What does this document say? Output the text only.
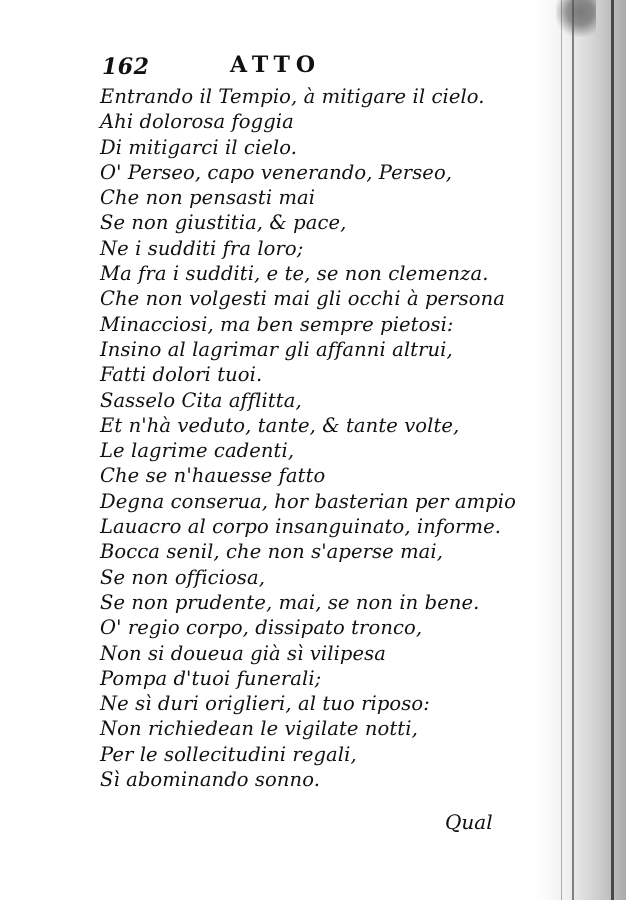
162	ATTO
Entrando il Tempio, à mitigare il cielo.
Ahi dolorosa foggia
Di mitigarci il cielo.
O' Perseo, capo venerando, Perseo,
Che non pensasti mai
Se non giustitia, & pace,
Ne i sudditi fra loro;
Ma fra i sudditi, e te, se non clemenza.
Che non volgesti mai gli occhi à persona
Minacciosi, ma ben sempre pietosi:
Insino al lagrimar gli affanni altrui,
Fatti dolori tuoi.
Sasselo Cita afflitta,
Et n'hà veduto, tante, & tante volte,
Le lagrime cadenti,
Che se n'hauesse fatto
Degna conserua, hor basterian per ampio
Lauacro al corpo insanguinato, informe.
Bocca senil, che non s'aperse mai,
Se non officiosa,
Se non prudente, mai, se non in bene.
O' regio corpo, dissipato tronco,
Non si doueua già sì vilipesa
Pompa d'tuoi funerali;
Ne sì duri origlieri, al tuo riposo:
Non richiedean le vigilate notti,
Per le sollecitudini regali,
Sì abominando sonno.
Qual
